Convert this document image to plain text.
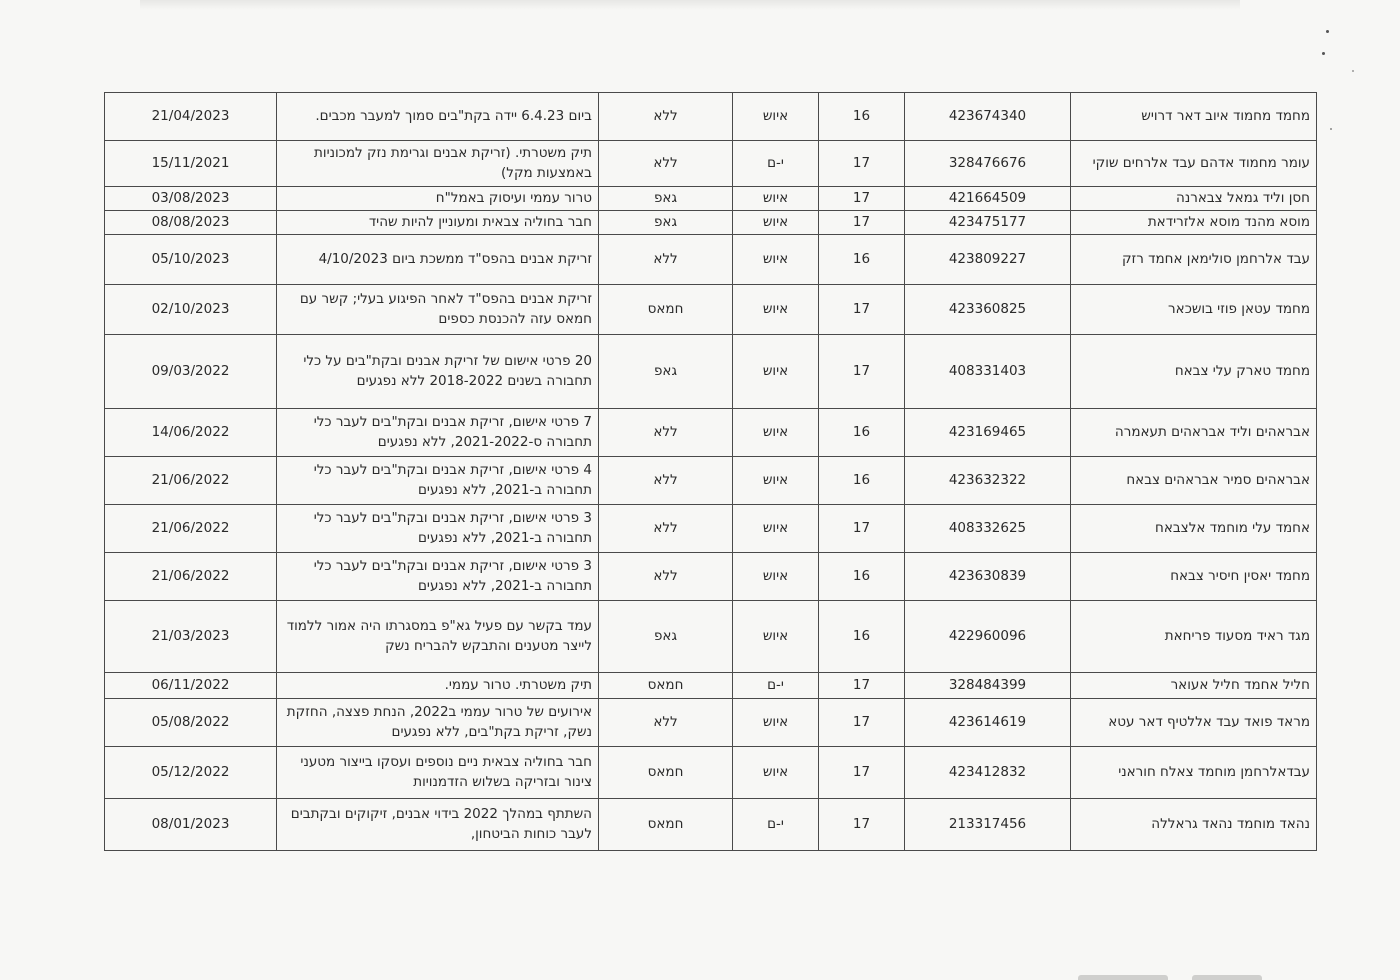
מחמד מחמוד איוב דאר דרויש	423674340	16	איוש	ללא	ביום 6.4.23 יידה בקת"בים סמוך למעבר מכבים.	21/04/2023
עומר מחמוד אדהם עבד אלרחים שוקי	328476676	17	י-ם	ללא	תיק משטרתי. (זריקת אבנים וגרימת נזק למכוניות באמצעות מקל)	15/11/2021
חסן וליד גמאל צבארנה	421664509	17	איוש	גאפ	טרור עממי ועיסוק באמל"ח	03/08/2023
מוסא מהנד מוסא אלזרידאת	423475177	17	איוש	גאפ	חבר בחוליה צבאית ומעוניין להיות שהיד	08/08/2023
עבד אלרחמן סולימאן אחמד רזק	423809227	16	איוש	ללא	זריקת אבנים בהפס"ד ממשכת ביום 4/10/2023	05/10/2023
מחמד עטאן פוזי בושכאר	423360825	17	איוש	חמאס	זריקת אבנים בהפס"ד לאחר הפיגוע בעלי; קשר עם חמאס עזה להכנסת כספים	02/10/2023
מחמד טארק עלי צבאח	408331403	17	איוש	גאפ	20 פרטי אישום של זריקת אבנים ובקת"בים על כלי תחבורה בשנים 2018-2022 ללא נפגעים	09/03/2022
אבראהים וליד אבראהים תעאמרה	423169465	16	איוש	ללא	7 פרטי אישום, זריקת אבנים ובקת"בים לעבר כלי תחבורה ס-2021-2022, ללא נפגעים	14/06/2022
אבראהים סמיר אבראהים צבאח	423632322	16	איוש	ללא	4 פרטי אישום, זריקת אבנים ובקת"בים לעבר כלי תחבורה ב-2021, ללא נפגעים	21/06/2022
אחמד עלי מוחמד אלצבאח	408332625	17	איוש	ללא	3 פרטי אישום, זריקת אבנים ובקת"בים לעבר כלי תחבורה ב-2021, ללא נפגעים	21/06/2022
מחמד יאסין חיסיר צבאח	423630839	16	איוש	ללא	3 פרטי אישום, זריקת אבנים ובקת"בים לעבר כלי תחבורה ב-2021, ללא נפגעים	21/06/2022
מגד ראיד מסעוד פריחאת	422960096	16	איוש	גאפ	עמד בקשר עם פעיל גא"פ במסגרתו היה אמור ללמוד לייצר מטענים והתבקש להבריח נשק	21/03/2023
חליל אחמד חליל אעואר	328484399	17	י-ם	חמאס	תיק משטרתי. טרור עממי.	06/11/2022
מראד פואד עבד אללטיף דאר עטא	423614619	17	איוש	ללא	אירועים של טרור עממי ב2022, הנחת פצצה, החזקת נשק, זריקת בקת"בים, ללא נפגעים	05/08/2022
עבדאלרחמן מוחמד צאלח חוראני	423412832	17	איוש	חמאס	חבר בחוליה צבאית ניים נוספים ועסקו בייצור מטעני צינור ובזריקה בשלוש הזדמנויות	05/12/2022
נהאד מוחמד נהאד גראללה	213317456	17	י-ם	חמאס	השתתף במהלך 2022 בידוי אבנים, זיקוקים ובקתבים לעבר כוחות הביטחון,	08/01/2023
